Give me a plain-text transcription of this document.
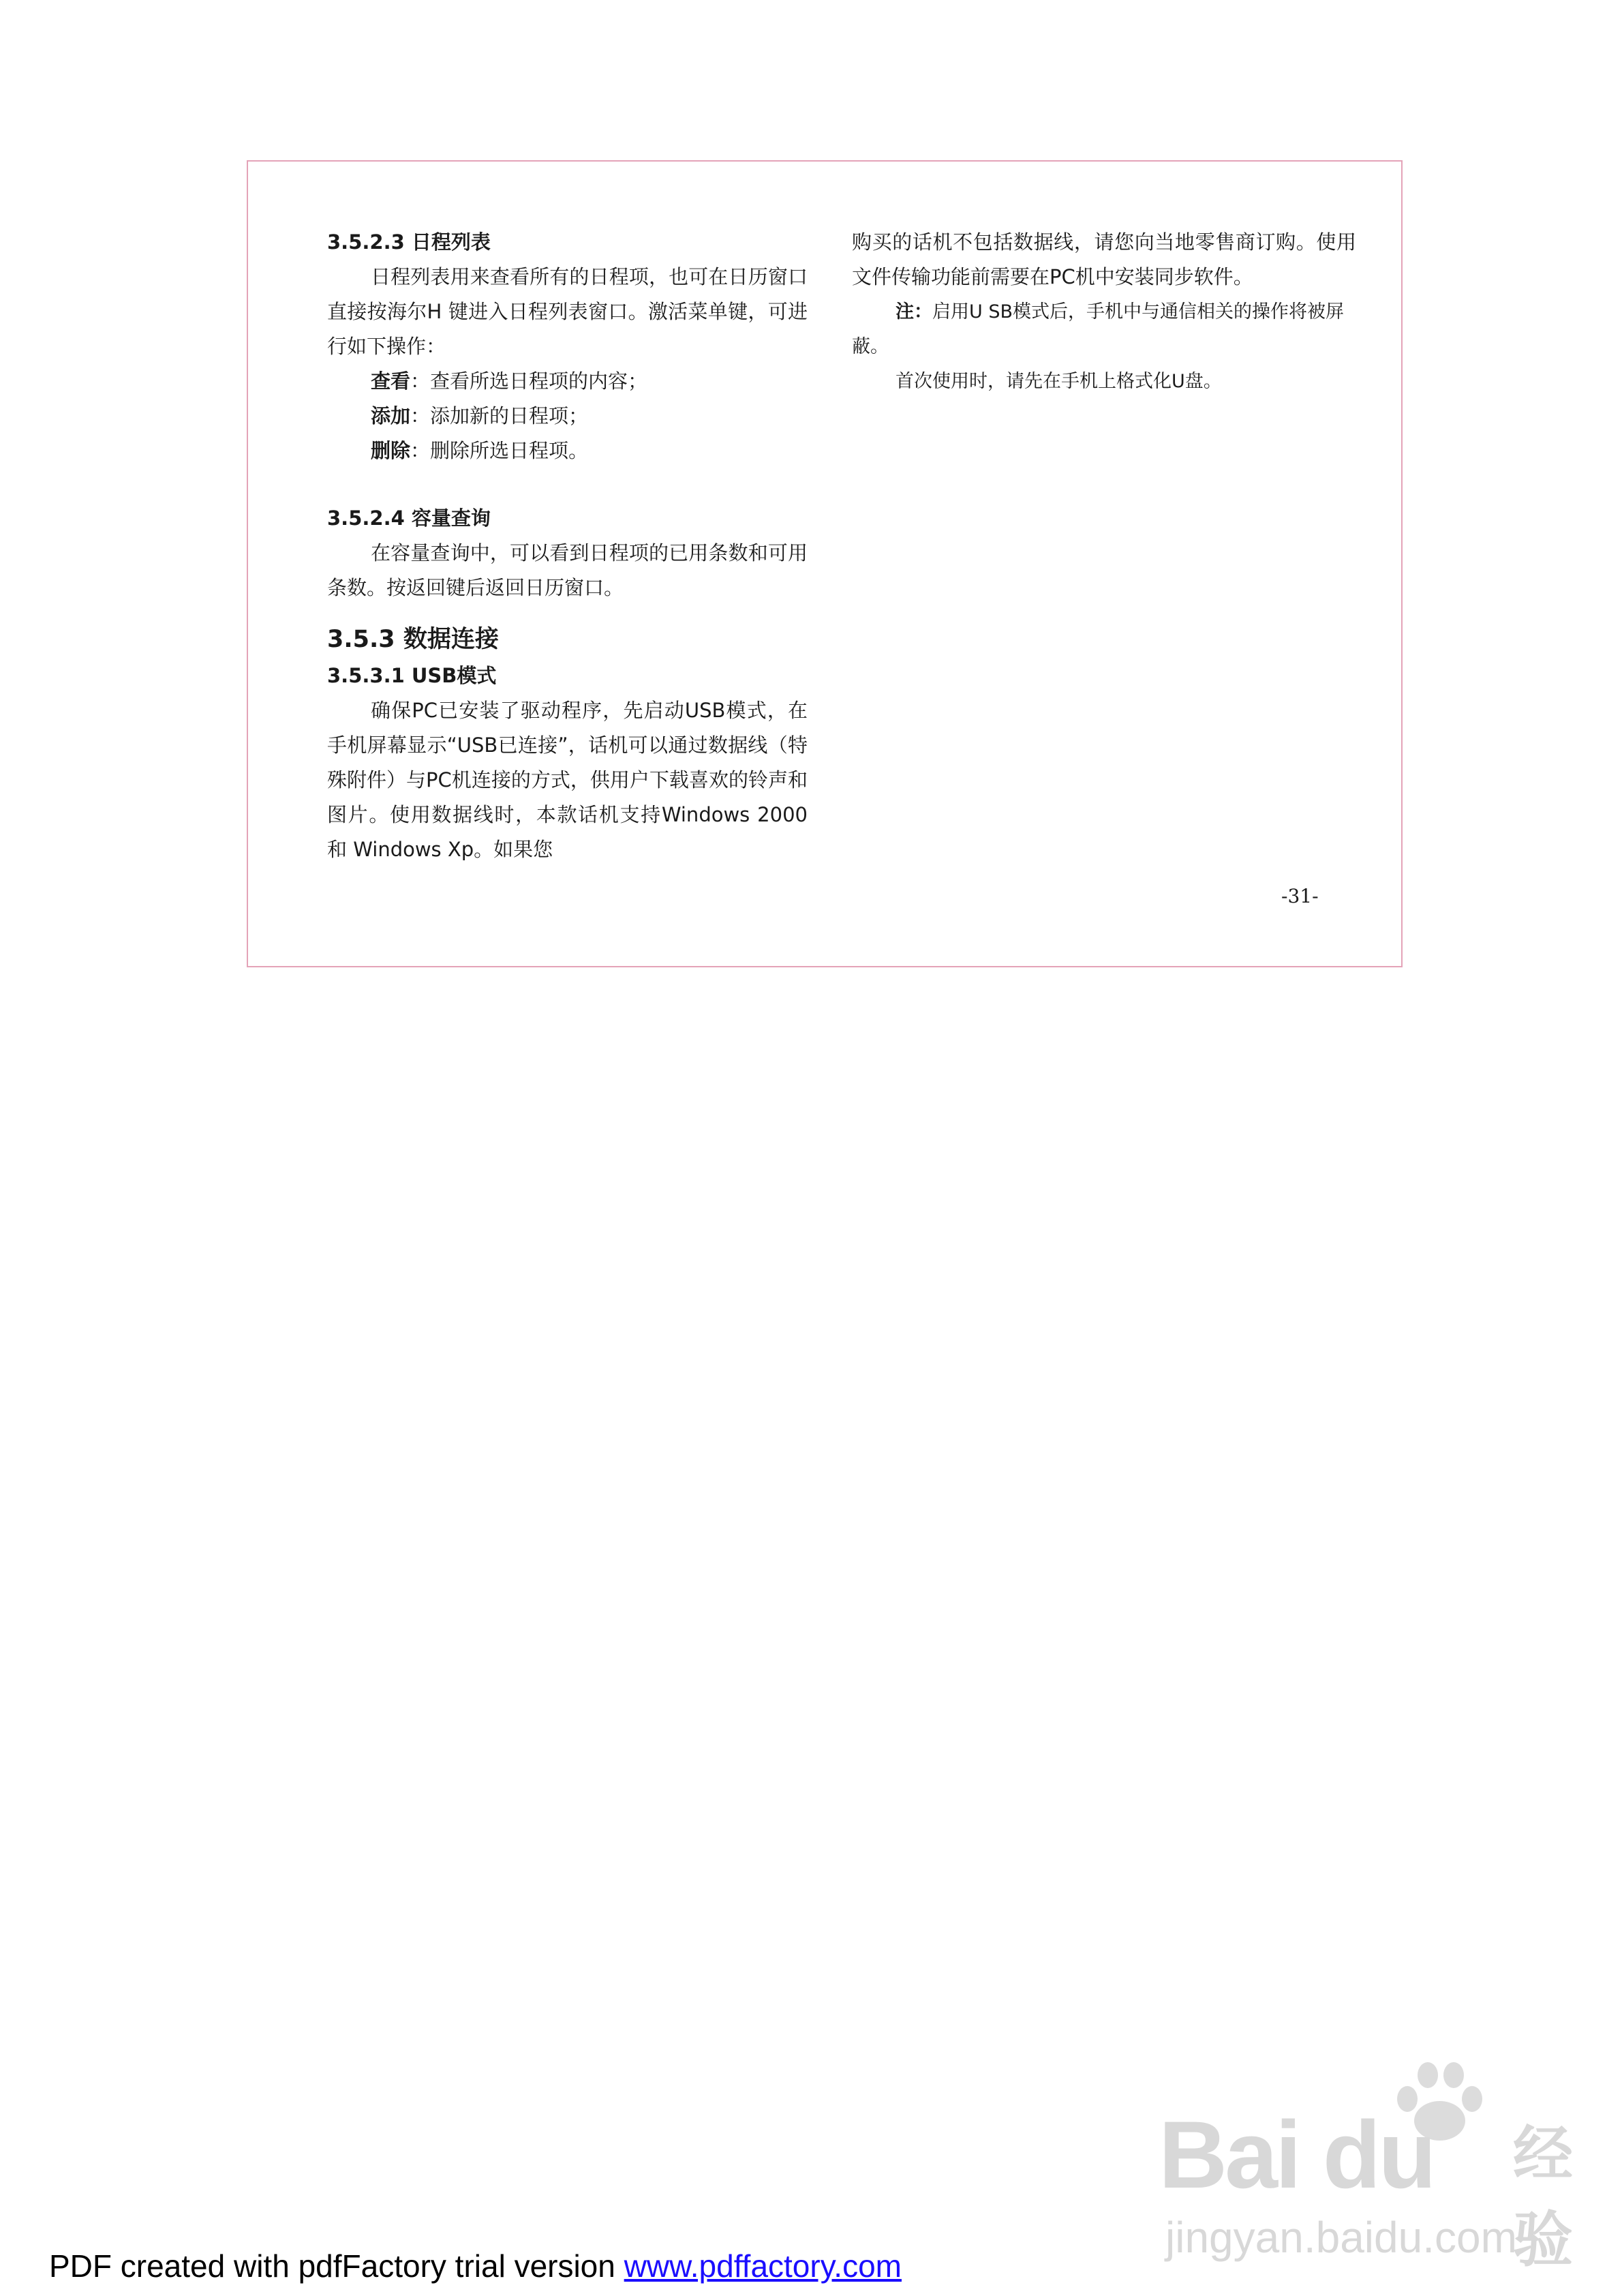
3.5.2.3 日程列表
日程列表用来查看所有的日程项，也可在日历窗口直接按海尔H 键进入日程列表窗口。激活菜单键，可进行如下操作：
查看：查看所选日程项的内容；
添加：添加新的日程项；
删除：删除所选日程项。
3.5.2.4 容量查询
在容量查询中，可以看到日程项的已用条数和可用条数。按返回键后返回日历窗口。
3.5.3 数据连接
3.5.3.1 USB模式
确保PC已安装了驱动程序，先启动USB模式，在手机屏幕显示“USB已连接”，话机可以通过数据线（特殊附件）与PC机连接的方式，供用户下载喜欢的铃声和图片。使用数据线时，本款话机支持Windows 2000 和 Windows Xp。如果您
购买的话机不包括数据线，请您向当地零售商订购。使用文件传输功能前需要在PC机中安装同步软件。
注：启用U SB模式后，手机中与通信相关的操作将被屏蔽。
首次使用时，请先在手机上格式化U盘。
-31-
Bai du 经验
jingyan.baidu.com
PDF created with pdfFactory trial version www.pdffactory.com
